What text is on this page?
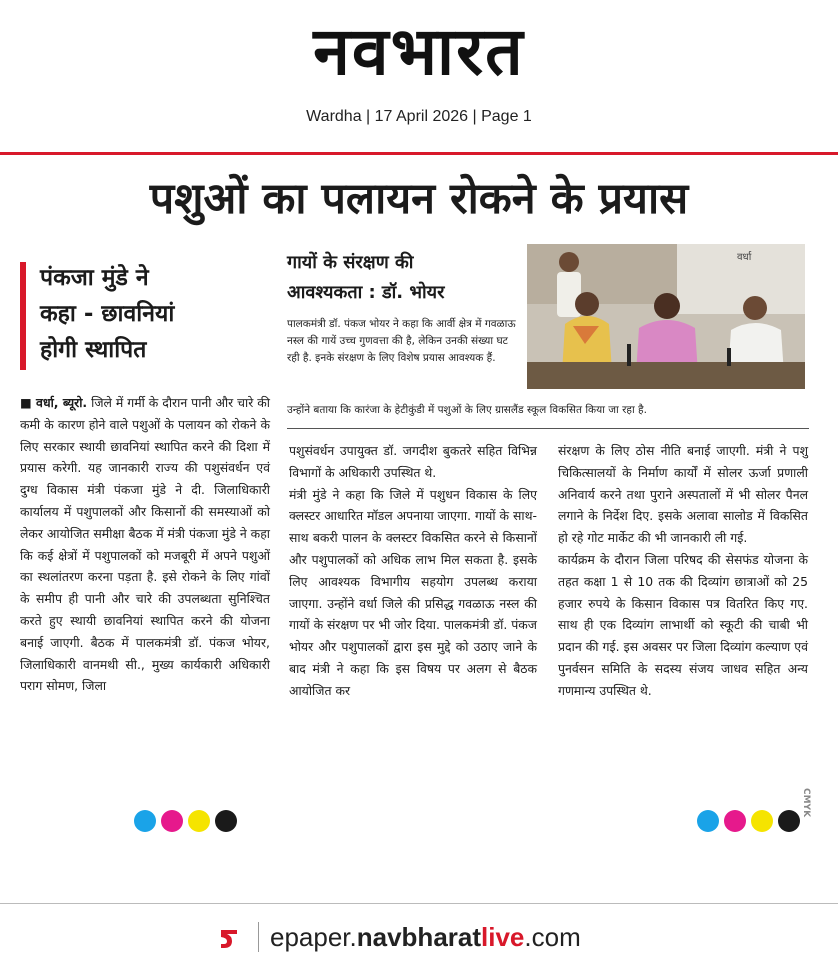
नवभारत
Wardha | 17 April 2026 | Page 1
पशुओं का पलायन रोकने के प्रयास
पंकजा मुंडे ने
कहा - छावनियां
होगी स्थापित
गायों के संरक्षण की
आवश्यकता : डॉ. भोयर
वर्धा
पालकमंत्री डॉ. पंकज भोयर ने कहा कि आर्वी क्षेत्र में गवळाऊ नस्ल की गायें उच्च गुणवत्ता की है, लेकिन उनकी संख्या घट रही है. इनके संरक्षण के लिए विशेष प्रयास आवश्यक हैं.
उन्होंने बताया कि कारंजा के हेटीकुंडी में पशुओं के लिए ग्रासलैंड स्कूल विकसित किया जा रहा है.

■ वर्धा, ब्यूरो. जिले में गर्मी के दौरान पानी और चारे की कमी के कारण होने वाले पशुओं के पलायन को रोकने के लिए सरकार स्थायी छावनियां स्थापित करने की दिशा में प्रयास करेगी. यह जानकारी राज्य की पशुसंवर्धन एवं दुग्ध विकास मंत्री पंकजा मुंडे ने दी. जिलाधिकारी कार्यालय में पशुपालकों और किसानों की समस्याओं को लेकर आयोजित समीक्षा बैठक में मंत्री पंकजा मुंडे ने कहा कि कई क्षेत्रों में पशुपालकों को मजबूरी में अपने पशुओं का स्थलांतरण करना पड़ता है. इसे रोकने के लिए गांवों के समीप ही पानी और चारे की उपलब्धता सुनिश्चित करते हुए स्थायी छावनियां स्थापित करने की योजना बनाई जाएगी. बैठक में पालकमंत्री डॉ. पंकज भोयर, जिलाधिकारी वानमथी सी., मुख्य कार्यकारी अधिकारी पराग सोमण, जिला

पशुसंवर्धन उपायुक्त डॉ. जगदीश बुकतरे सहित विभिन्न विभागों के अधिकारी उपस्थित थे.

मंत्री मुंडे ने कहा कि जिले में पशुधन विकास के लिए क्लस्टर आधारित मॉडल अपनाया जाएगा. गायों के साथ-साथ बकरी पालन के क्लस्टर विकसित करने से किसानों और पशुपालकों को अधिक लाभ मिल सकता है. इसके लिए आवश्यक विभागीय सहयोग उपलब्ध कराया जाएगा. उन्होंने वर्धा जिले की प्रसिद्ध गवळाऊ नस्ल की गायों के संरक्षण पर भी जोर दिया. पालकमंत्री डॉ. पंकज भोयर और पशुपालकों द्वारा इस मुद्दे को उठाए जाने के बाद मंत्री ने कहा कि इस विषय पर अलग से बैठक आयोजित कर

संरक्षण के लिए ठोस नीति बनाई जाएगी. मंत्री ने पशु चिकित्सालयों के निर्माण कार्यों में सोलर ऊर्जा प्रणाली अनिवार्य करने तथा पुराने अस्पतालों में भी सोलर पैनल लगाने के निर्देश दिए. इसके अलावा सालोड में विकसित हो रहे गोट मार्केट की भी जानकारी ली गई.

कार्यक्रम के दौरान जिला परिषद की सेसफंड योजना के तहत कक्षा 1 से 10 तक की दिव्यांग छात्राओं को 25 हजार रुपये के किसान विकास पत्र वितरित किए गए. साथ ही एक दिव्यांग लाभार्थी को स्कूटी की चाबी भी प्रदान की गई. इस अवसर पर जिला दिव्यांग कल्याण एवं पुनर्वसन समिति के सदस्य संजय जाधव सहित अन्य गणमान्य उपस्थित थे.

CMYK
epaper.navbharatlive.com
